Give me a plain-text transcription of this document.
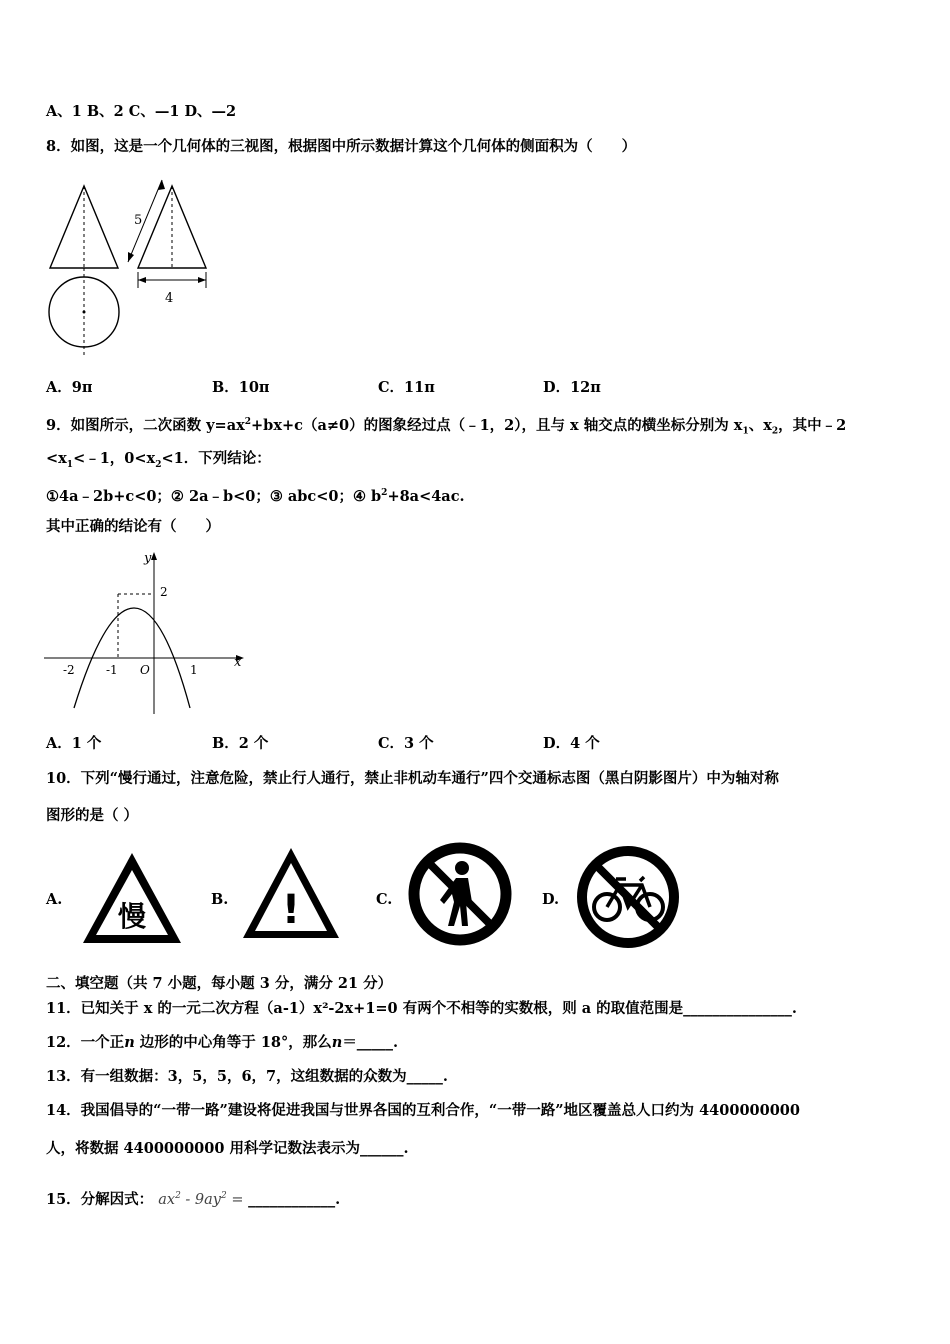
A、1 B、2 C、—1 D、—2
8．如图，这是一个几何体的三视图，根据图中所示数据计算这个几何体的侧面积为（　　）
5
4
A．9π	B．10π	C．11π	D．12π
9．如图所示，二次函数 $y=ax^2+bx+c(a\ne 0)$的图象经过点（﹣1，2），且与 x 轴交点的横坐标分别为 $x_1$、$x_2$，其中﹣2
$<x_1<﹣1$，$0<x_2<1$．下列结论：
①4a﹣2b+c<0；② 2a﹣b<0；③ abc<0；④ $b^2+8a<4ac$.
其中正确的结论有（　　）
y
x
-2	-1 O	1
2
A．1 个	B．2 个	C．3 个	D．4 个
10．下列“慢行通过，注意危险，禁止行人通行，禁止非机动车通行”四个交通标志图（黑白阴影图片）中为轴对称
图形的是（ ）
A.
慢
B. !	C.	D.
二、填空题（共 7 小题，每小题 3 分，满分 21 分）
11．已知关于 x 的一元二次方程（a-1）x²-2x+1=0 有两个不相等的实数根，则 a 的取值范围是_______________.
12．一个正n 边形的中心角等于 18°，那么n＝_____.
13．有一组数据：3，5，5，6，7，这组数据的众数为_____.
14．我国倡导的“一带一路”建设将促进我国与世界各国的互利合作，“一带一路”地区覆盖总人口约为 4400000000
人，将数据 4400000000 用科学记数法表示为______.
15．分解因式： $ax^2 - 9ay^2$ = ____________.
